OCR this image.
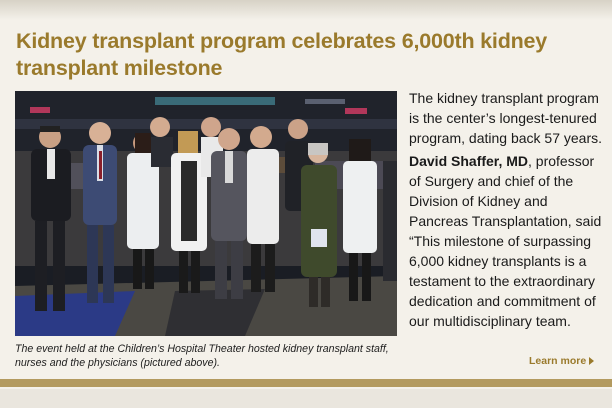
Kidney transplant program celebrates 6,000th kidney transplant milestone

The event held at the Children’s Hospital Theater hosted kidney transplant staff, nurses and the physicians (pictured above).

The kidney transplant program is the center’s longest-tenured program, dating back 57 years.

David Shaffer, MD, professor of Surgery and chief of the Division of Kidney and Pancreas Transplantation, said “This milestone of surpassing 6,000 kidney transplants is a testament to the extraordinary dedication and commitment of our multidisciplinary team.

Learn more
